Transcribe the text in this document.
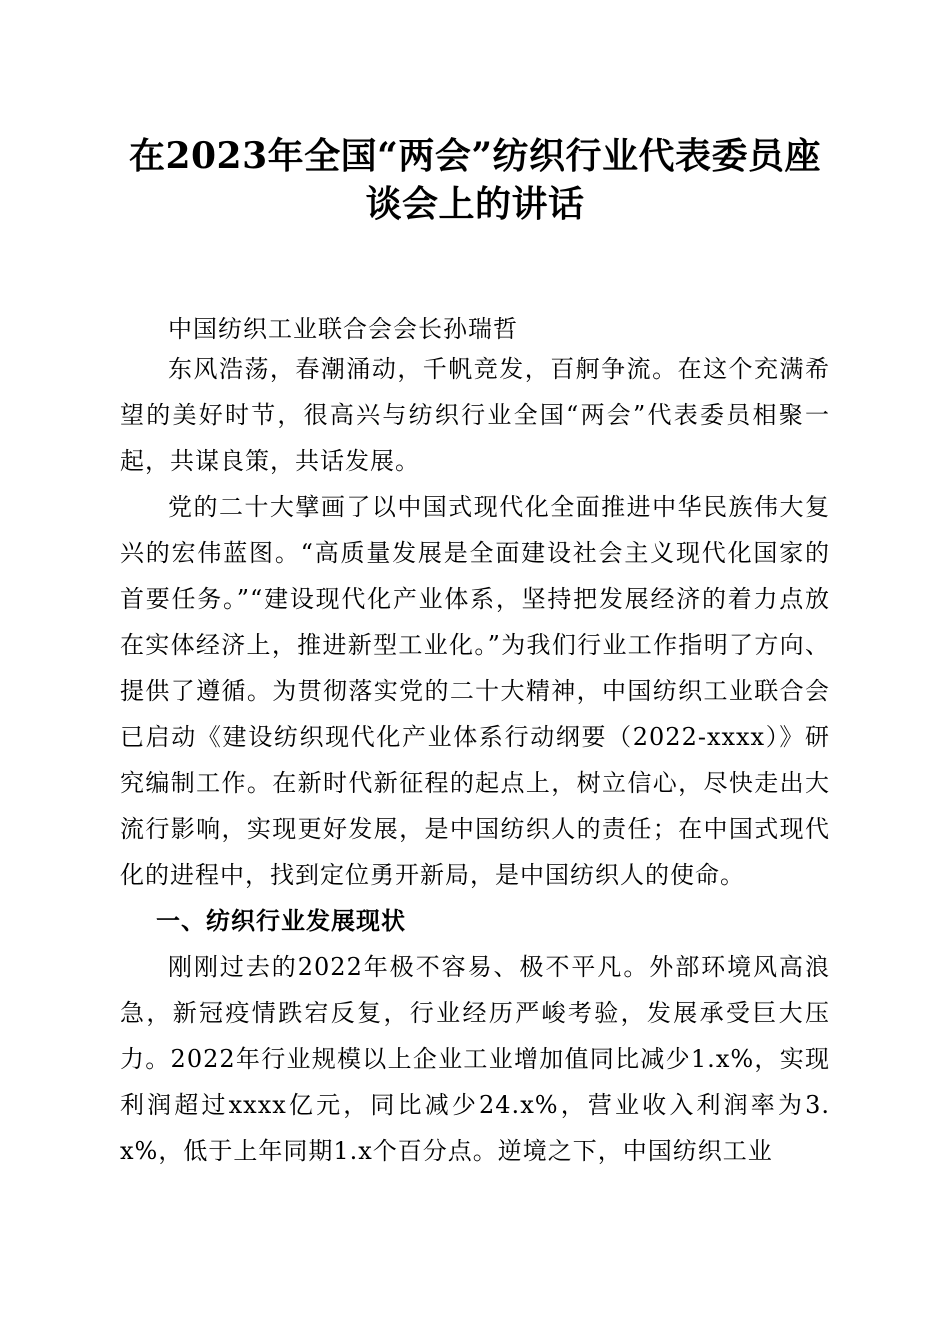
在2023年全国“两会”纺织行业代表委员座
谈会上的讲话

中国纺织工业联合会会长孙瑞哲

东风浩荡，春潮涌动，千帆竞发，百舸争流。在这个充满希望的美好时节，很高兴与纺织行业全国“两会”代表委员相聚一起，共谋良策，共话发展。

党的二十大擘画了以中国式现代化全面推进中华民族伟大复兴的宏伟蓝图。“高质量发展是全面建设社会主义现代化国家的首要任务。”“建设现代化产业体系，坚持把发展经济的着力点放在实体经济上，推进新型工业化。”为我们行业工作指明了方向、提供了遵循。为贯彻落实党的二十大精神，中国纺织工业联合会已启动《建设纺织现代化产业体系行动纲要（2022-xxxx）》研究编制工作。在新时代新征程的起点上，树立信心，尽快走出大流行影响，实现更好发展，是中国纺织人的责任；在中国式现代化的进程中，找到定位勇开新局，是中国纺织人的使命。

一、纺织行业发展现状

刚刚过去的2022年极不容易、极不平凡。外部环境风高浪急，新冠疫情跌宕反复，行业经历严峻考验，发展承受巨大压力。2022年行业规模以上企业工业增加值同比减少1.x%，实现利润超过xxxx亿元，同比减少24.x%，营业收入利润率为3.x%，低于上年同期1.x个百分点。逆境之下，中国纺织工业
